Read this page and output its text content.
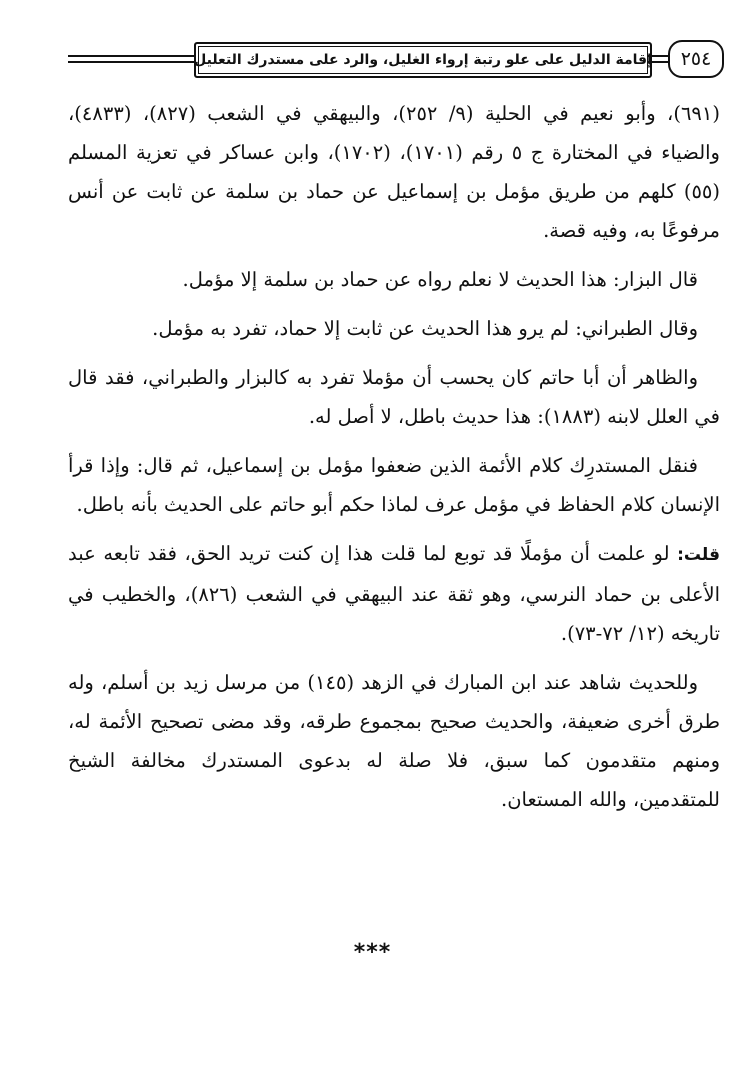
إقامة الدليل على علو رتبة إرواء الغليل، والرد على مستدرك التعليل ٢٥٤

(٦٩١)، وأبو نعيم في الحلية (٩/ ٢٥٢)، والبيهقي في الشعب (٨٢٧)، (٤٨٣٣)، والضياء في المختارة ج ٥ رقم (١٧٠١)، (١٧٠٢)، وابن عساكر في تعزية المسلم (٥٥) كلهم من طريق مؤمل بن إسماعيل عن حماد بن سلمة عن ثابت عن أنس مرفوعًا به، وفيه قصة.

قال البزار: هذا الحديث لا نعلم رواه عن حماد بن سلمة إلا مؤمل.

وقال الطبراني: لم يرو هذا الحديث عن ثابت إلا حماد، تفرد به مؤمل.

والظاهر أن أبا حاتم كان يحسب أن مؤملا تفرد به كالبزار والطبراني، فقد قال في العلل لابنه (١٨٨٣): هذا حديث باطل، لا أصل له.

فنقل المستدرِك كلام الأئمة الذين ضعفوا مؤمل بن إسماعيل، ثم قال: وإذا قرأ الإنسان كلام الحفاظ في مؤمل عرف لماذا حكم أبو حاتم على الحديث بأنه باطل.

قلت: لو علمت أن مؤملًا قد توبع لما قلت هذا إن كنت تريد الحق، فقد تابعه عبد الأعلى بن حماد النرسي، وهو ثقة عند البيهقي في الشعب (٨٢٦)، والخطيب في تاريخه (١٢/ ٧٢-٧٣).

وللحديث شاهد عند ابن المبارك في الزهد (١٤٥) من مرسل زيد بن أسلم، وله طرق أخرى ضعيفة، والحديث صحيح بمجموع طرقه، وقد مضى تصحيح الأئمة له، ومنهم متقدمون كما سبق، فلا صلة له بدعوى المستدرك مخالفة الشيخ للمتقدمين، والله المستعان.

***
